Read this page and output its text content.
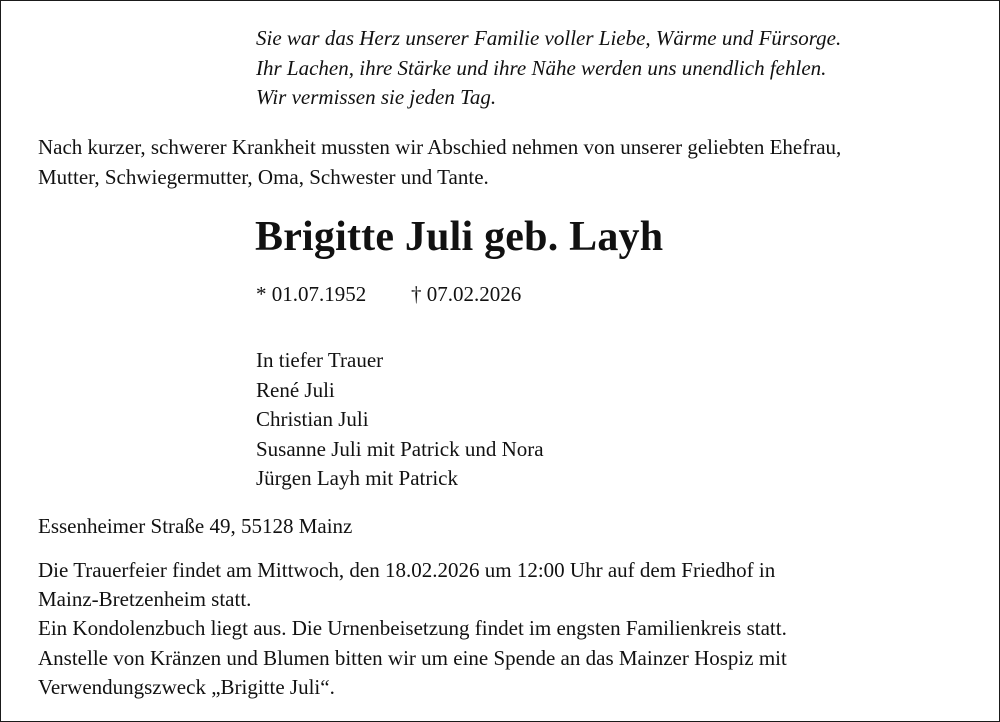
Sie war das Herz unserer Familie voller Liebe, Wärme und Fürsorge.
Ihr Lachen, ihre Stärke und ihre Nähe werden uns unendlich fehlen.
Wir vermissen sie jeden Tag.
Nach kurzer, schwerer Krankheit mussten wir Abschied nehmen von unserer geliebten Ehefrau,
Mutter, Schwiegermutter, Oma, Schwester und Tante.
Brigitte Juli geb. Layh
* 01.07.1952 † 07.02.2026
In tiefer Trauer
René Juli
Christian Juli
Susanne Juli mit Patrick und Nora
Jürgen Layh mit Patrick
Essenheimer Straße 49, 55128 Mainz
Die Trauerfeier findet am Mittwoch, den 18.02.2026 um 12:00 Uhr auf dem Friedhof in
Mainz-Bretzenheim statt.
Ein Kondolenzbuch liegt aus. Die Urnenbeisetzung findet im engsten Familienkreis statt.
Anstelle von Kränzen und Blumen bitten wir um eine Spende an das Mainzer Hospiz mit
Verwendungszweck „Brigitte Juli“.
